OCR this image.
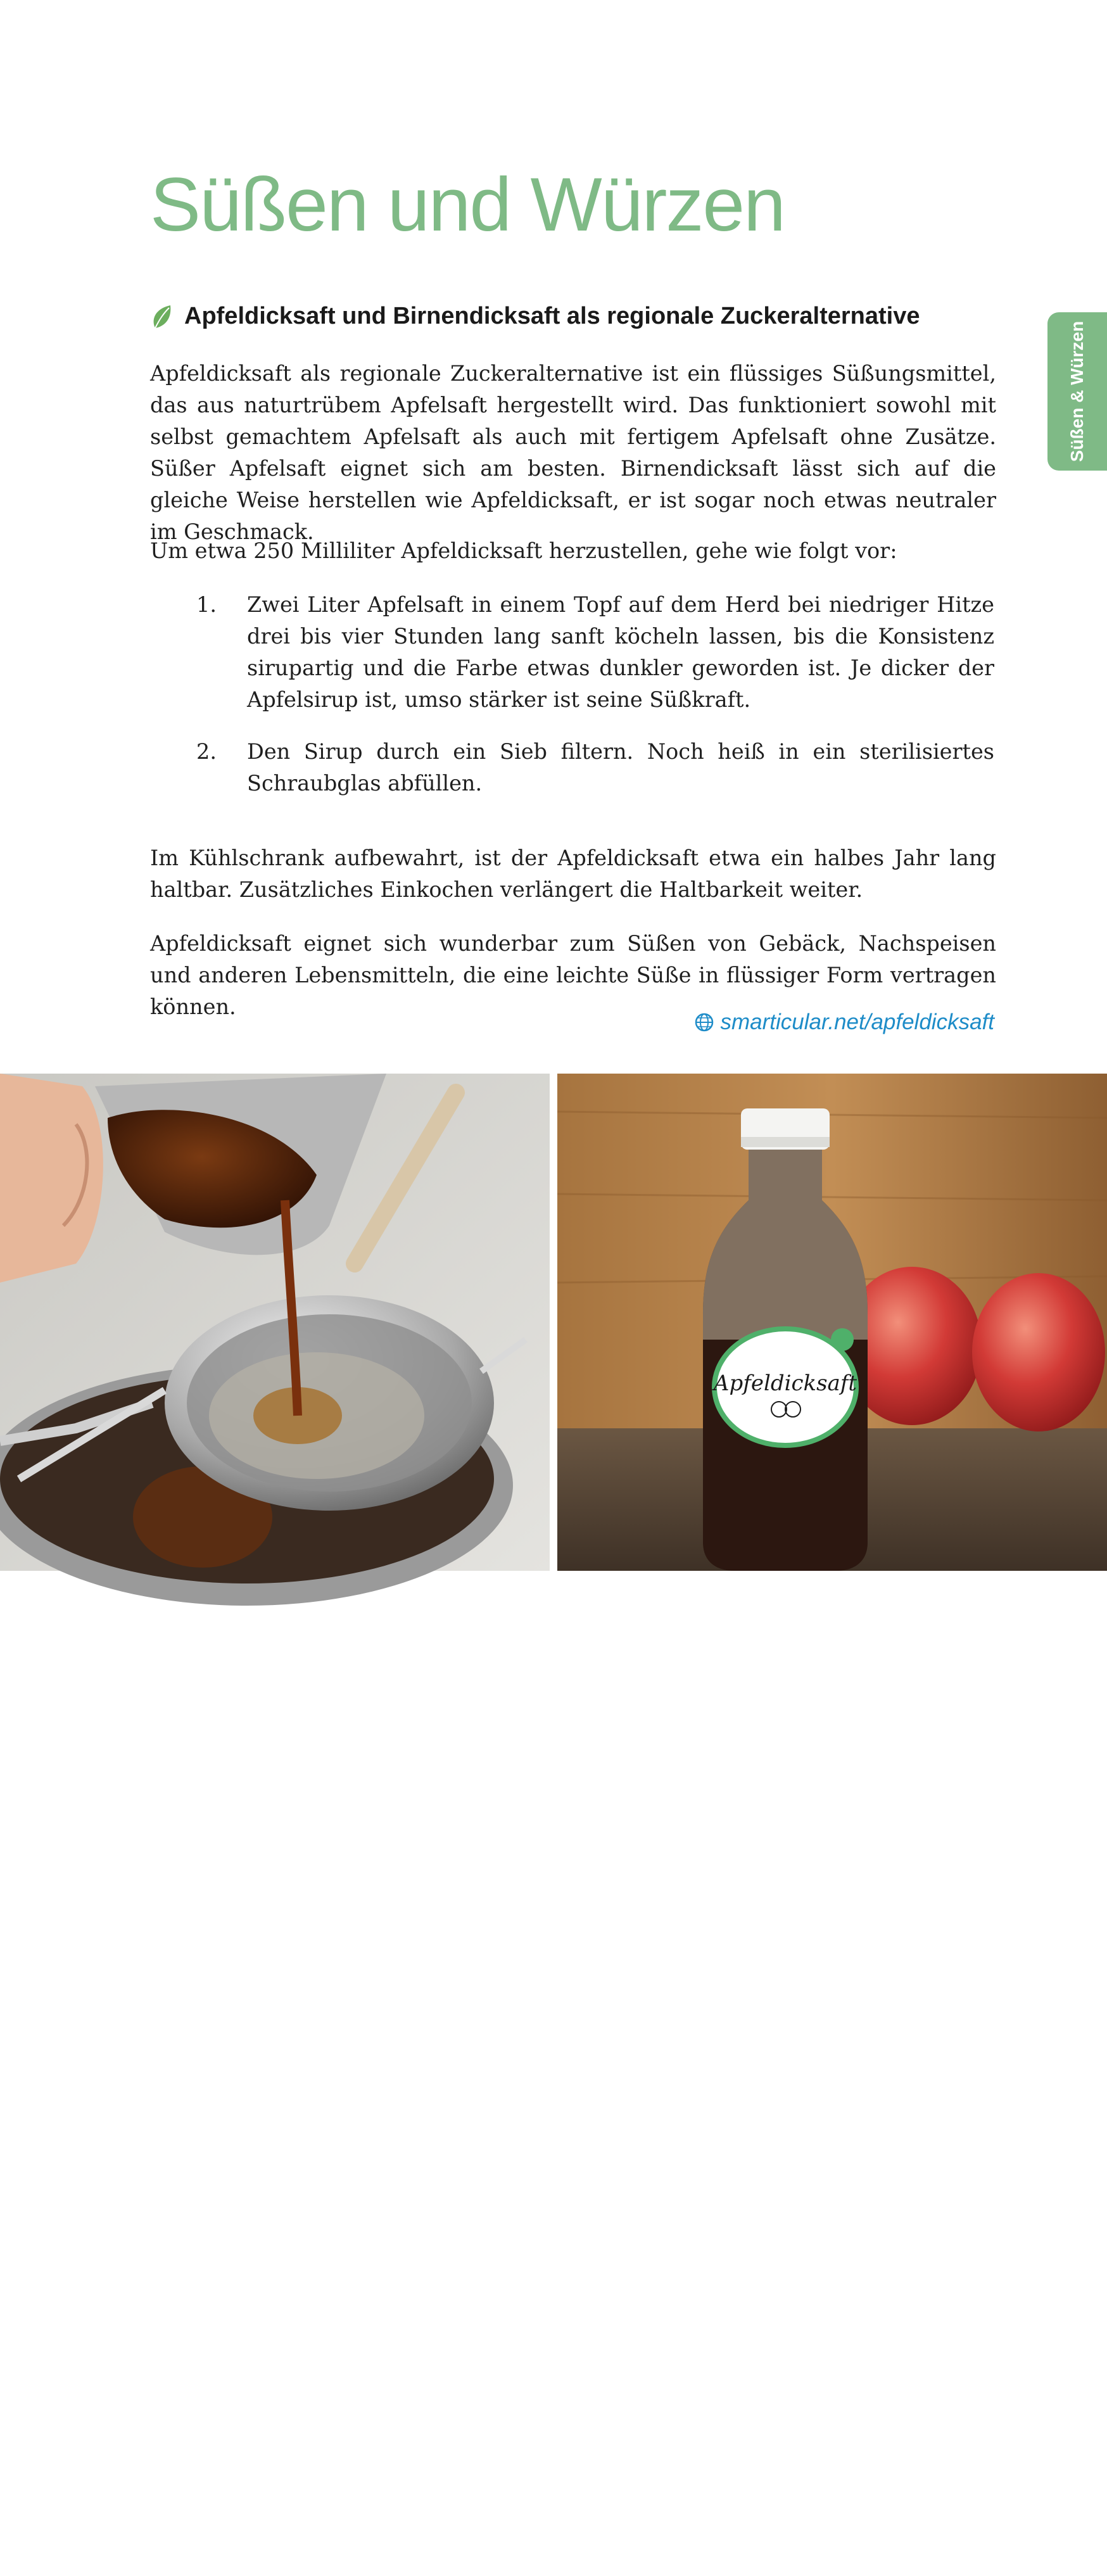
Süßen und Würzen
Süßen & Würzen
Apfeldicksaft und Birnendicksaft als regionale Zuckeralternative

Apfeldicksaft als regionale Zuckeralternative ist ein flüssiges Süßungsmittel, das aus naturtrübem Apfelsaft hergestellt wird. Das funktioniert sowohl mit selbst gemachtem Apfelsaft als auch mit fertigem Apfelsaft ohne Zusätze. Süßer Apfelsaft eignet sich am besten. Birnendicksaft lässt sich auf die gleiche Weise herstellen wie Apfeldicksaft, er ist sogar noch etwas neutraler im Geschmack.

Um etwa 250 Milliliter Apfeldicksaft herzustellen, gehe wie folgt vor:

1.	Zwei Liter Apfelsaft in einem Topf auf dem Herd bei niedriger Hitze drei bis vier Stunden lang sanft köcheln lassen, bis die Konsistenz sirupartig und die Farbe etwas dunkler geworden ist. Je dicker der Apfelsirup ist, umso stärker ist seine Süßkraft.

2.	Den Sirup durch ein Sieb filtern. Noch heiß in ein sterilisiertes Schraubglas abfüllen.

Im Kühlschrank aufbewahrt, ist der Apfeldicksaft etwa ein halbes Jahr lang haltbar. Zusätzliches Einkochen verlängert die Haltbarkeit weiter.

Apfeldicksaft eignet sich wunderbar zum Süßen von Gebäck, Nachspeisen und anderen Lebensmitteln, die eine leichte Süße in flüssiger Form vertragen können.

smarticular.net/apfeldicksaft
Apfeldicksaft
43
